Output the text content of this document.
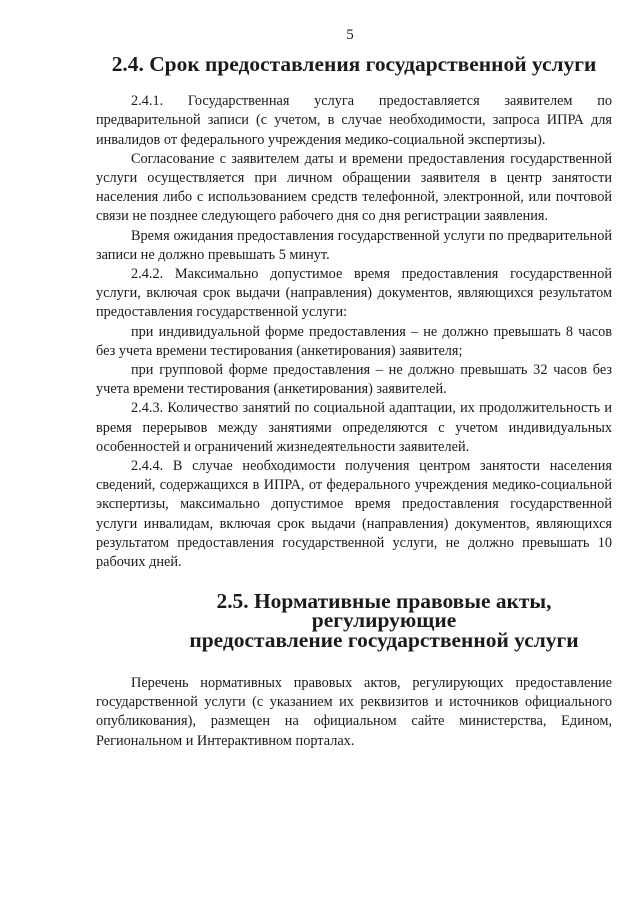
5
2.4. Срок предоставления государственной услуги

2.4.1. Государственная услуга предоставляется заявителем по предварительной записи (с учетом, в случае необходимости, запроса ИПРА для инвалидов от федерального учреждения медико-социальной экспертизы).

Согласование с заявителем даты и времени предоставления государственной услуги осуществляется при личном обращении заявителя в центр занятости населения либо с использованием средств телефонной, электронной, или почтовой связи не позднее следующего рабочего дня со дня регистрации заявления.

Время ожидания предоставления государственной услуги по предварительной записи не должно превышать 5 минут.

2.4.2. Максимально допустимое время предоставления государственной услуги, включая срок выдачи (направления) документов, являющихся результатом предоставления государственной услуги:

при индивидуальной форме предоставления – не должно превышать 8 часов без учета времени тестирования (анкетирования) заявителя;

при групповой форме предоставления – не должно превышать 32 часов без учета времени тестирования (анкетирования) заявителей.

2.4.3. Количество занятий по социальной адаптации, их продолжительность и время перерывов между занятиями определяются с учетом индивидуальных особенностей и ограничений жизнедеятельности заявителей.

2.4.4. В случае необходимости получения центром занятости населения сведений, содержащихся в ИПРА, от федерального учреждения медико-социальной экспертизы, максимально допустимое время предоставления государственной услуги инвалидам, включая срок выдачи (направления) документов, являющихся результатом предоставления государственной услуги, не должно превышать 10 рабочих дней.

2.5. Нормативные правовые акты, регулирующие
предоставление государственной услуги

Перечень нормативных правовых актов, регулирующих предоставление государственной услуги (с указанием их реквизитов и источников официального опубликования), размещен на официальном сайте министерства, Едином, Региональном и Интерактивном порталах.
